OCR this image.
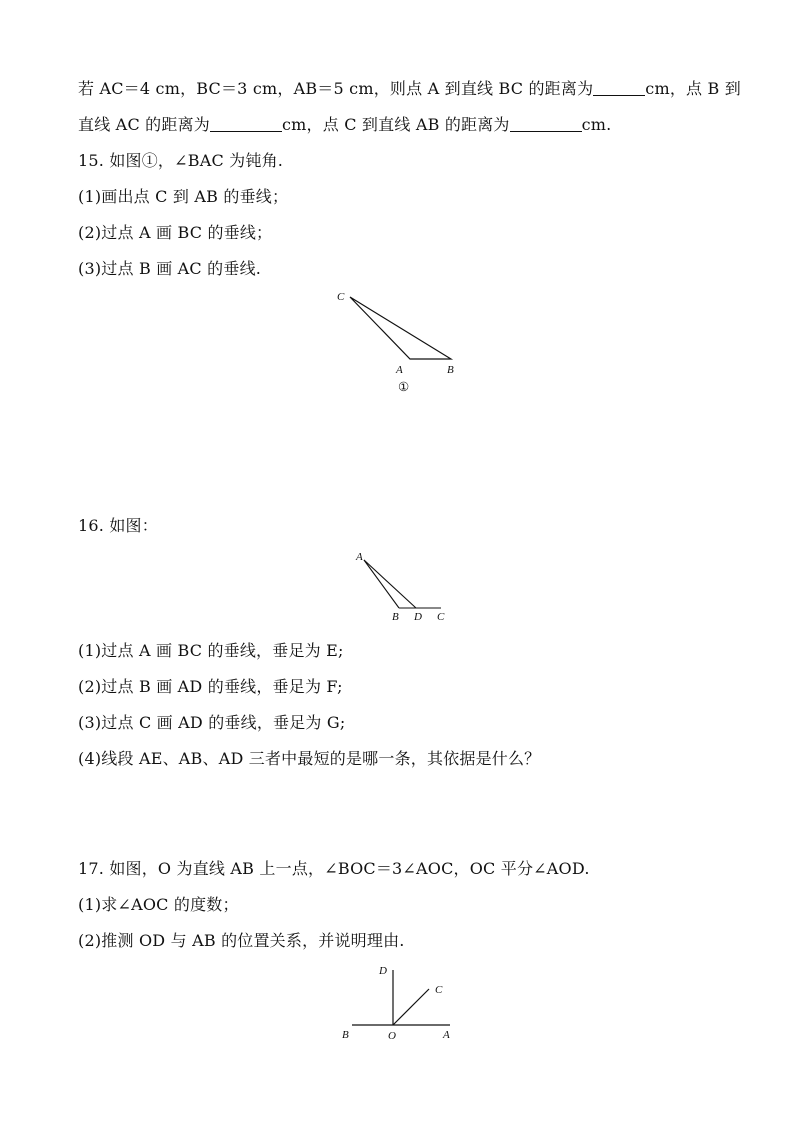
若 AC＝4 cm，BC＝3 cm，AB＝5 cm，则点 A 到直线 BC 的距离为	cm，点 B 到
直线 AC 的距离为	cm，点 C 到直线 AB 的距离为	cm.
15. 如图①，∠BAC 为钝角.
(1)画出点 C 到 AB 的垂线；
(2)过点 A 画 BC 的垂线；
(3)过点 B 画 AC 的垂线.
C
A	B
①
16. 如图：
A
B D C
(1)过点 A 画 BC 的垂线，垂足为 E;
(2)过点 B 画 AD 的垂线，垂足为 F;
(3)过点 C 画 AD 的垂线，垂足为 G;
(4)线段 AE、AB、AD 三者中最短的是哪一条，其依据是什么？
17. 如图，O 为直线 AB 上一点，∠BOC＝3∠AOC，OC 平分∠AOD.
(1)求∠AOC 的度数；
(2)推测 OD 与 AB 的位置关系，并说明理由.
D
C
B	O	A
